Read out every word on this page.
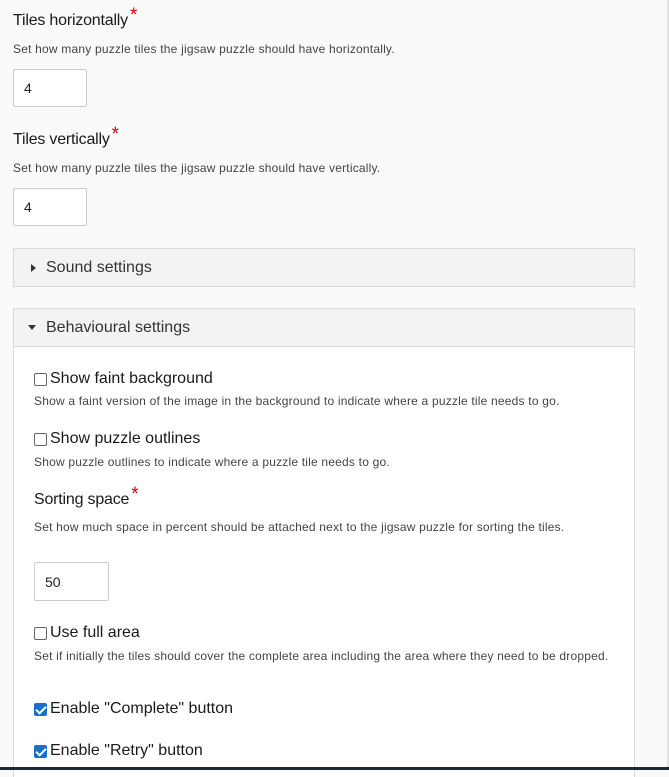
Tiles horizontally *
Set how many puzzle tiles the jigsaw puzzle should have horizontally.
4
Tiles vertically *
Set how many puzzle tiles the jigsaw puzzle should have vertically.
4
Sound settings
Behavioural settings
Show faint background
Show a faint version of the image in the background to indicate where a puzzle tile needs to go.
Show puzzle outlines
Show puzzle outlines to indicate where a puzzle tile needs to go.
Sorting space *
Set how much space in percent should be attached next to the jigsaw puzzle for sorting the tiles.
50
Use full area
Set if initially the tiles should cover the complete area including the area where they need to be dropped.
Enable "Complete" button
Enable "Retry" button
